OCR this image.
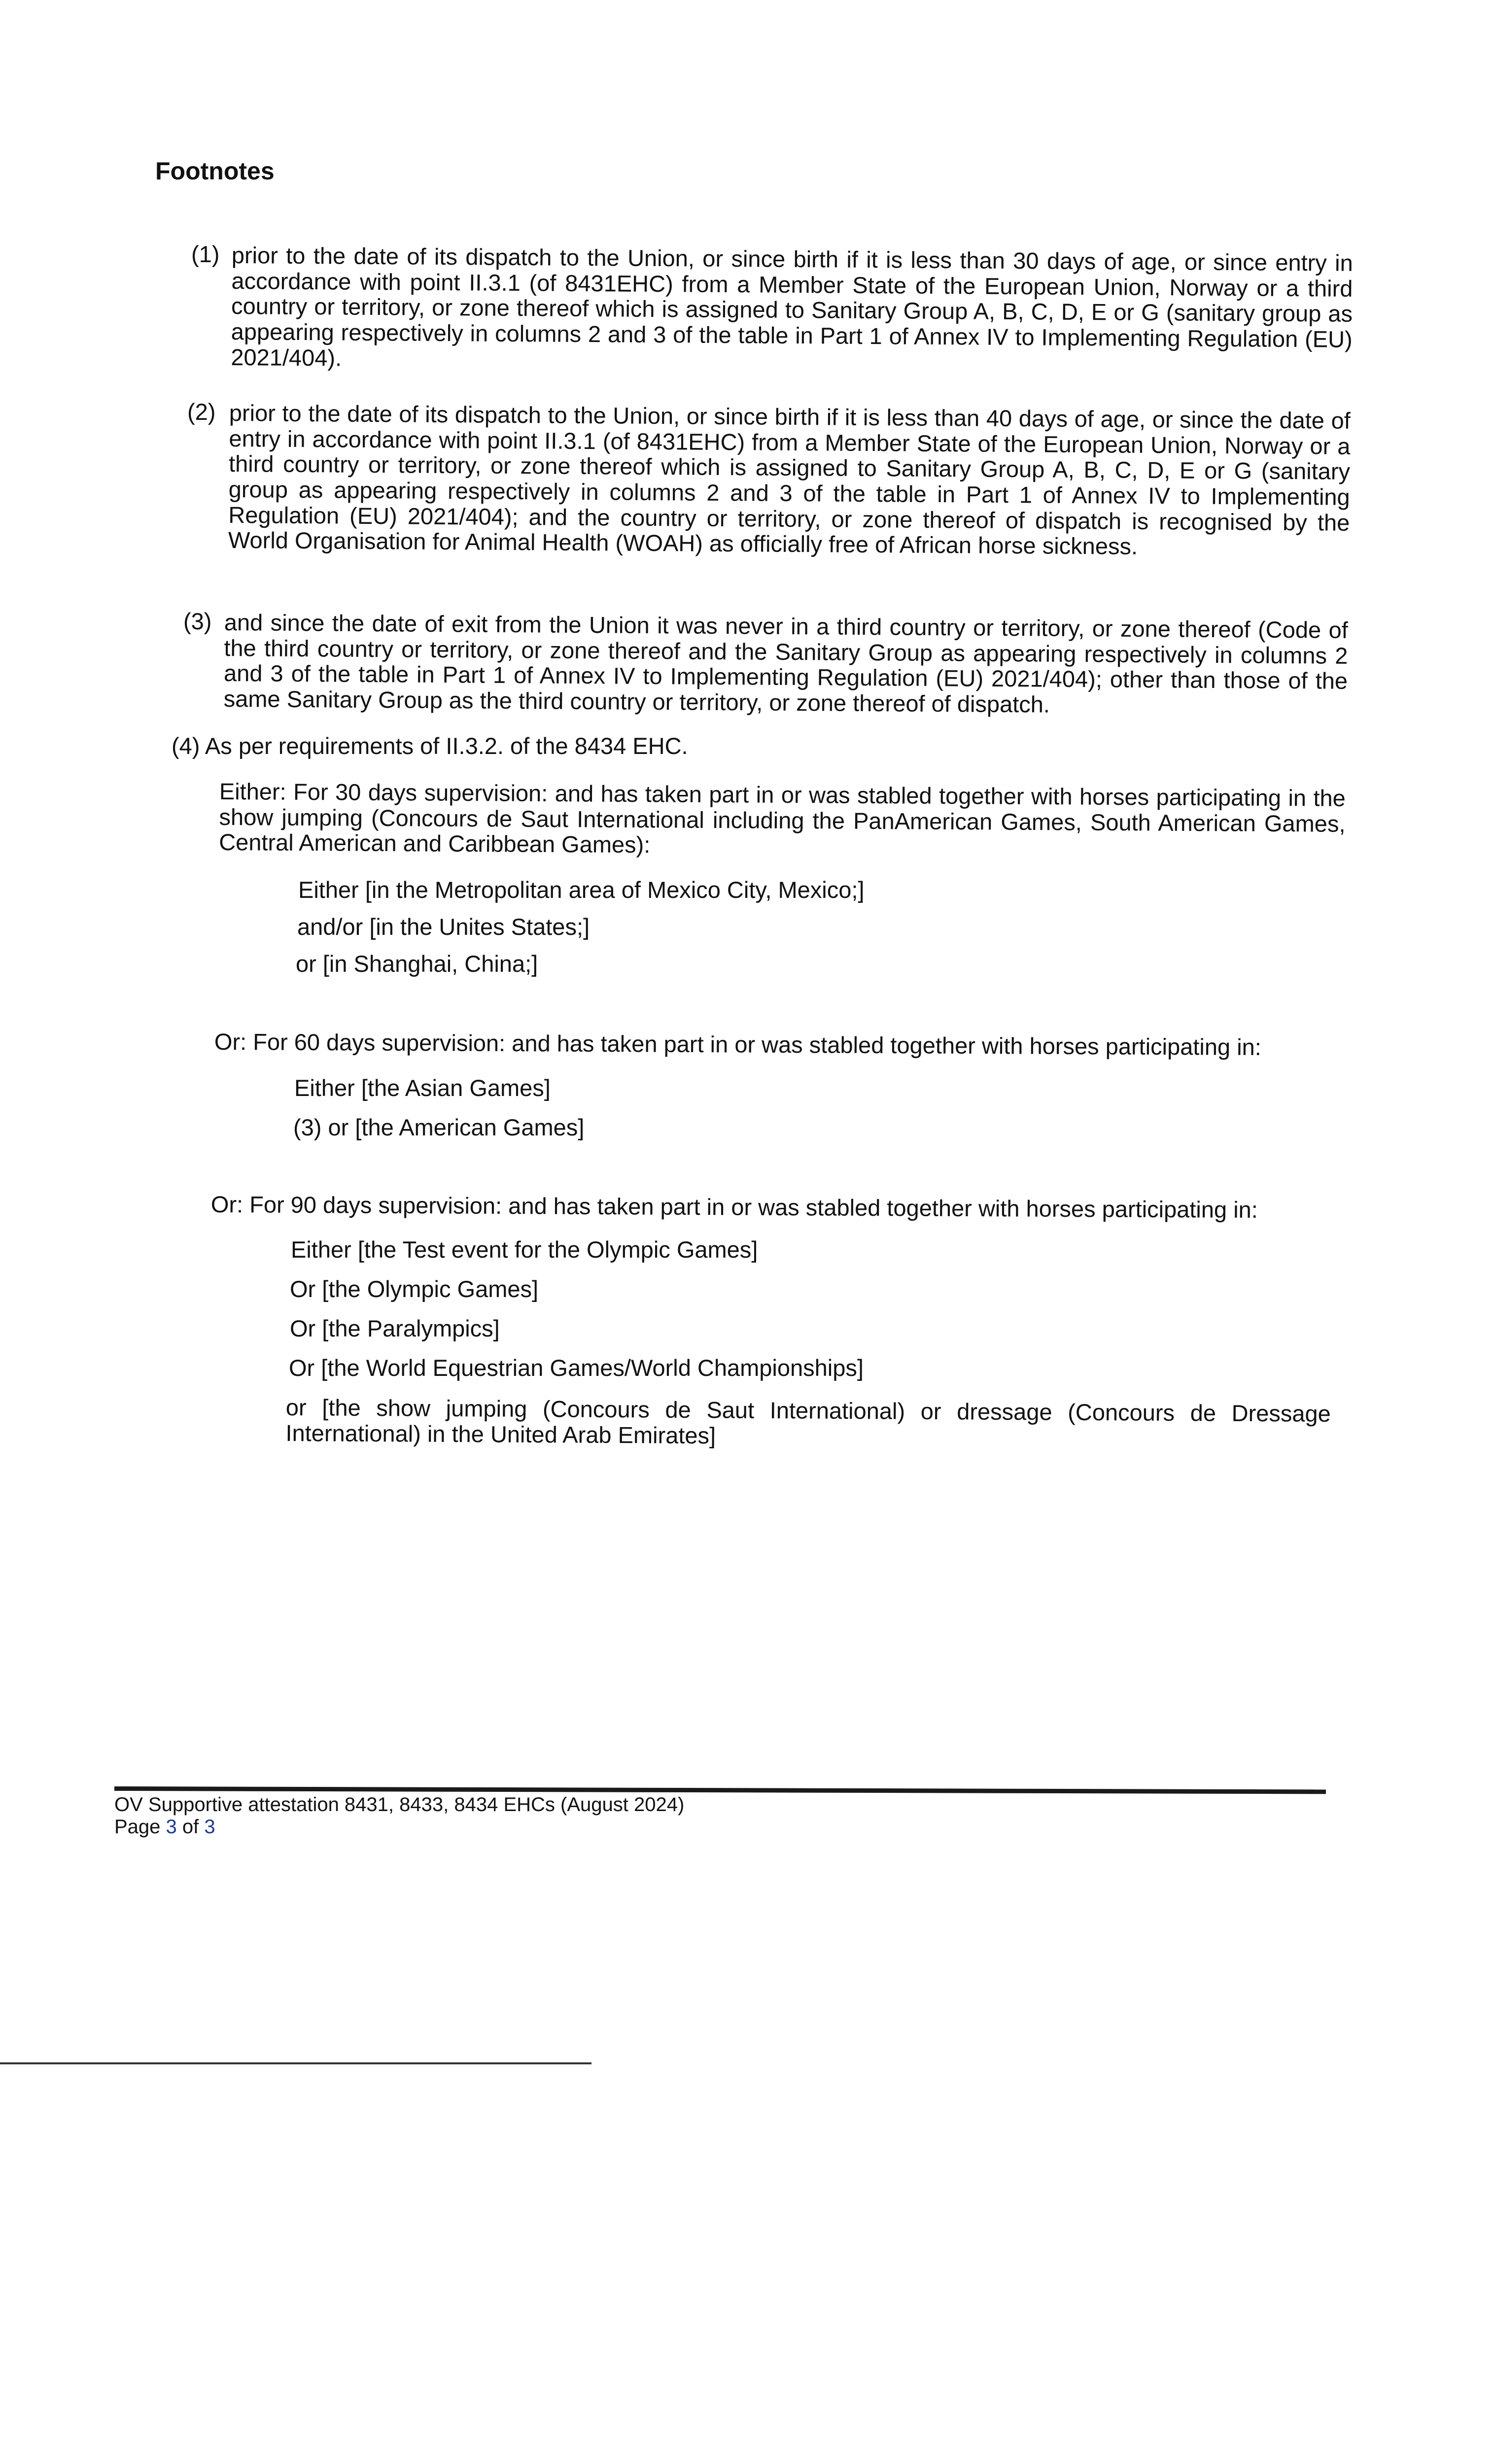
Footnotes
(1) prior to the date of its dispatch to the Union, or since birth if it is less than 30 days of age, or since entry in accordance with point II.3.1 (of 8431EHC) from a Member State of the European Union, Norway or a third country or territory, or zone thereof which is assigned to Sanitary Group A, B, C, D, E or G (sanitary group as appearing respectively in columns 2 and 3 of the table in Part 1 of Annex IV to Implementing Regulation (EU) 2021/404).
(2) prior to the date of its dispatch to the Union, or since birth if it is less than 40 days of age, or since the date of entry in accordance with point II.3.1 (of 8431EHC) from a Member State of the European Union, Norway or a third country or territory, or zone thereof which is assigned to Sanitary Group A, B, C, D, E or G (sanitary group as appearing respectively in columns 2 and 3 of the table in Part 1 of Annex IV to Implementing Regulation (EU) 2021/404); and the country or territory, or zone thereof of dispatch is recognised by the World Organisation for Animal Health (WOAH) as officially free of African horse sickness.
(3) and since the date of exit from the Union it was never in a third country or territory, or zone thereof (Code of the third country or territory, or zone thereof and the Sanitary Group as appearing respectively in columns 2 and 3 of the table in Part 1 of Annex IV to Implementing Regulation (EU) 2021/404); other than those of the same Sanitary Group as the third country or territory, or zone thereof of dispatch.

(4) As per requirements of II.3.2. of the 8434 EHC.

Either: For 30 days supervision: and has taken part in or was stabled together with horses participating in the show jumping (Concours de Saut International including the PanAmerican Games, South American Games, Central American and Caribbean Games):

Either [in the Metropolitan area of Mexico City, Mexico;]

and/or [in the Unites States;]

or [in Shanghai, China;]

Or: For 60 days supervision: and has taken part in or was stabled together with horses participating in:

Either [the Asian Games]

(3) or [the American Games]

Or: For 90 days supervision: and has taken part in or was stabled together with horses participating in:

Either [the Test event for the Olympic Games]

Or [the Olympic Games]

Or [the Paralympics]

Or [the World Equestrian Games/World Championships]

or [the show jumping (Concours de Saut International) or dressage (Concours de Dressage International) in the United Arab Emirates]
OV Supportive attestation 8431, 8433, 8434 EHCs (August 2024)
Page 3 of 3
